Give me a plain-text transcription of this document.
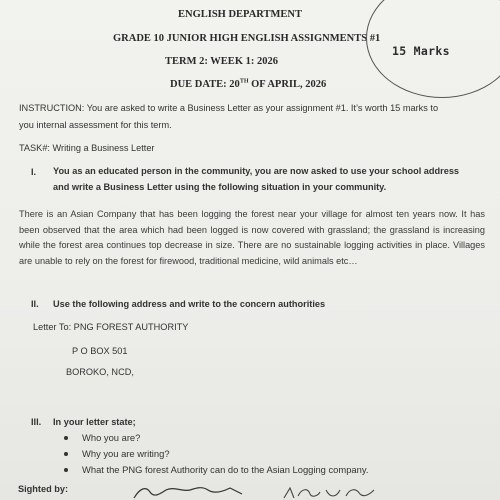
ENGLISH DEPARTMENT
GRADE 10 JUNIOR HIGH ENGLISH ASSIGNMENTS #1
TERM 2: WEEK 1: 2026
DUE DATE: 20TH OF APRIL, 2026
15 Marks
INSTRUCTION: You are asked to write a Business Letter as your assignment #1. It’s worth 15 marks to
you internal assessment for this term.
TASK#: Writing a Business Letter
I. You as an educated person in the community, you are now asked to use your school address
and write a Business Letter using the following situation in your community.
There is an Asian Company that has been logging the forest near your village for almost ten years now. It has been observed that the area which had been logged is now covered with grassland; the grassland is increasing while the forest area continues top decrease in size. There are no sustainable logging activities in place. Villages are unable to rely on the forest for firewood, traditional medicine, wild animals etc…
II. Use the following address and write to the concern authorities
Letter To: PNG FOREST AUTHORITY
P O BOX 501
BOROKO, NCD,
III. In your letter state;
Who you are?
Why you are writing?
What the PNG forest Authority can do to the Asian Logging company.
Sighted by:
